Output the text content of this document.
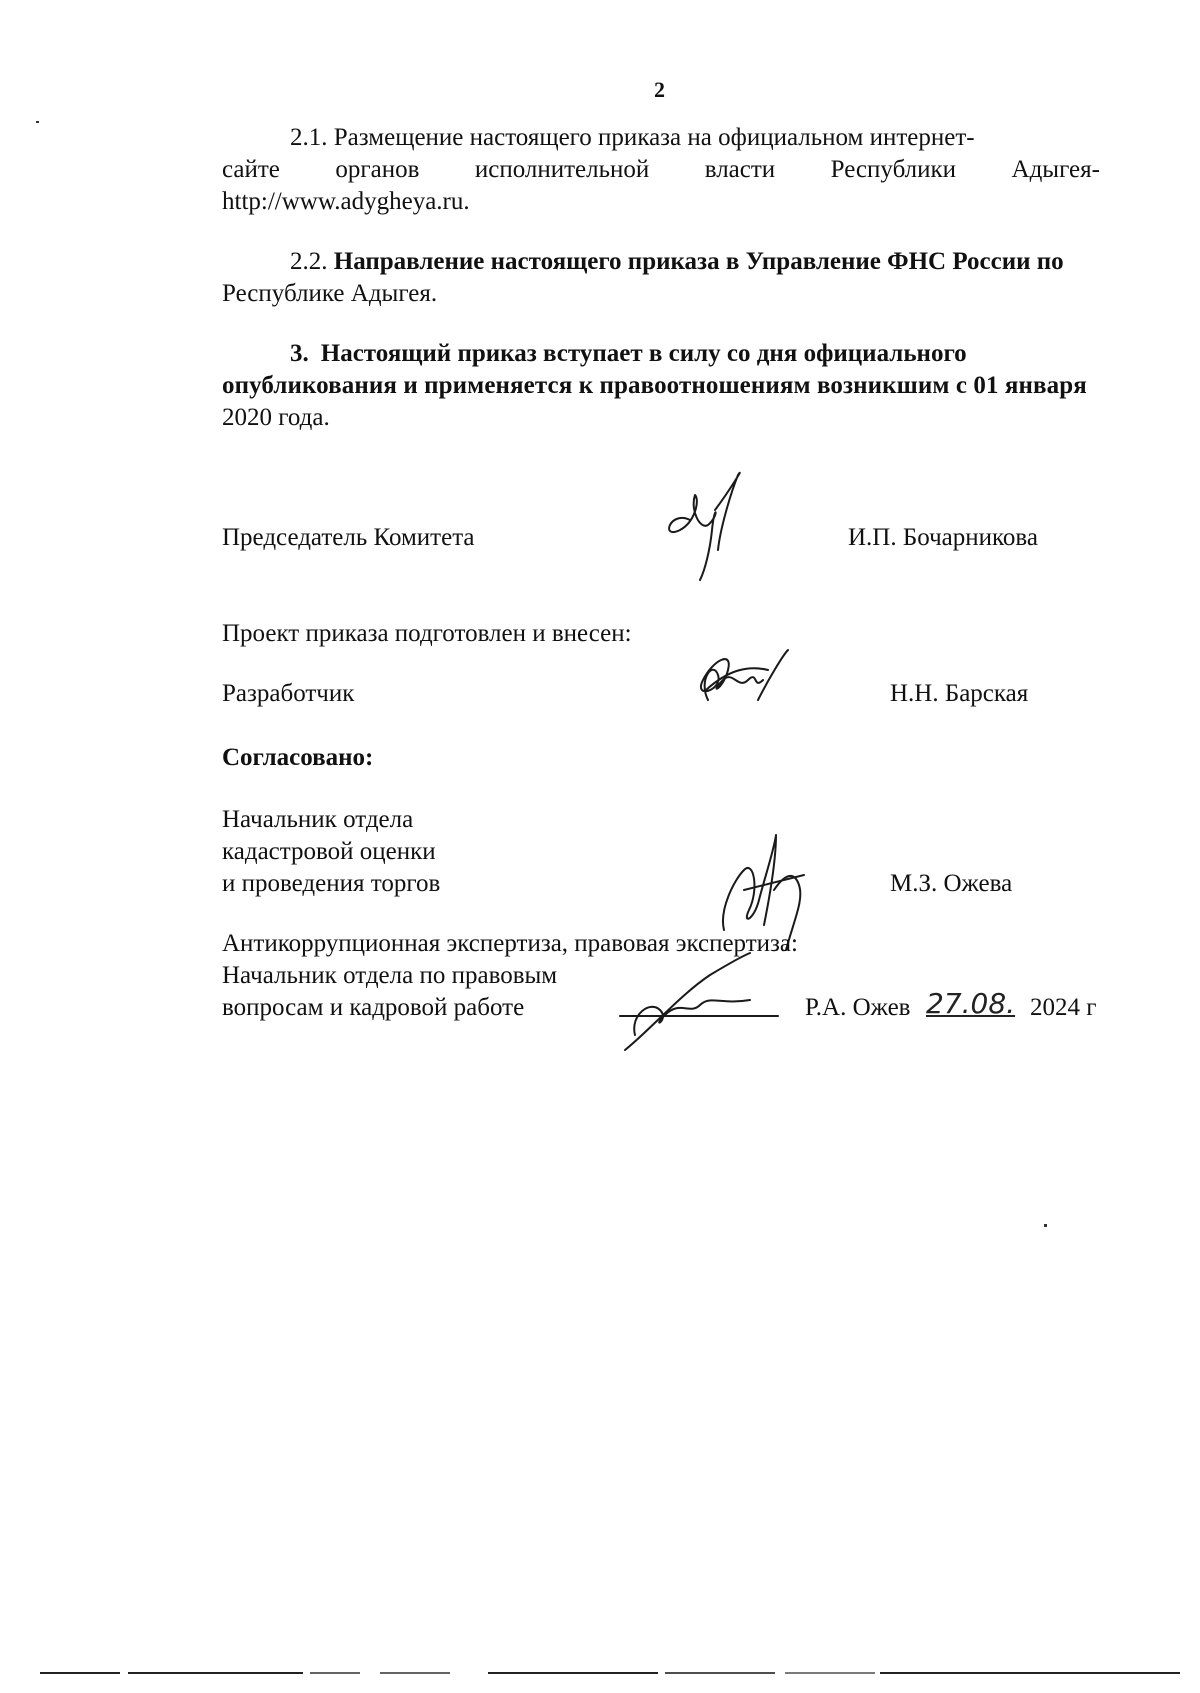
2
2.1. Размещение настоящего приказа на официальном интернет-
сайте органов исполнительной власти Республики Адыгея-
http://www.adygheya.ru.
2.2. Направление настоящего приказа в Управление ФНС России по
Республике Адыгея.
3. Настоящий приказ вступает в силу со дня официального
опубликования и применяется к правоотношениям возникшим с 01 января
2020 года.
Председатель Комитета	И.П. Бочарникова
Проект приказа подготовлен и внесен:
Разработчик	Н.Н. Барская
Согласовано:
Начальник отдела
кадастровой оценки
и проведения торгов	М.З. Ожева
Антикоррупционная экспертиза, правовая экспертиза:
Начальник отдела по правовым
вопросам и кадровой работе	Р.А. Ожев 27.08. 2024 г
